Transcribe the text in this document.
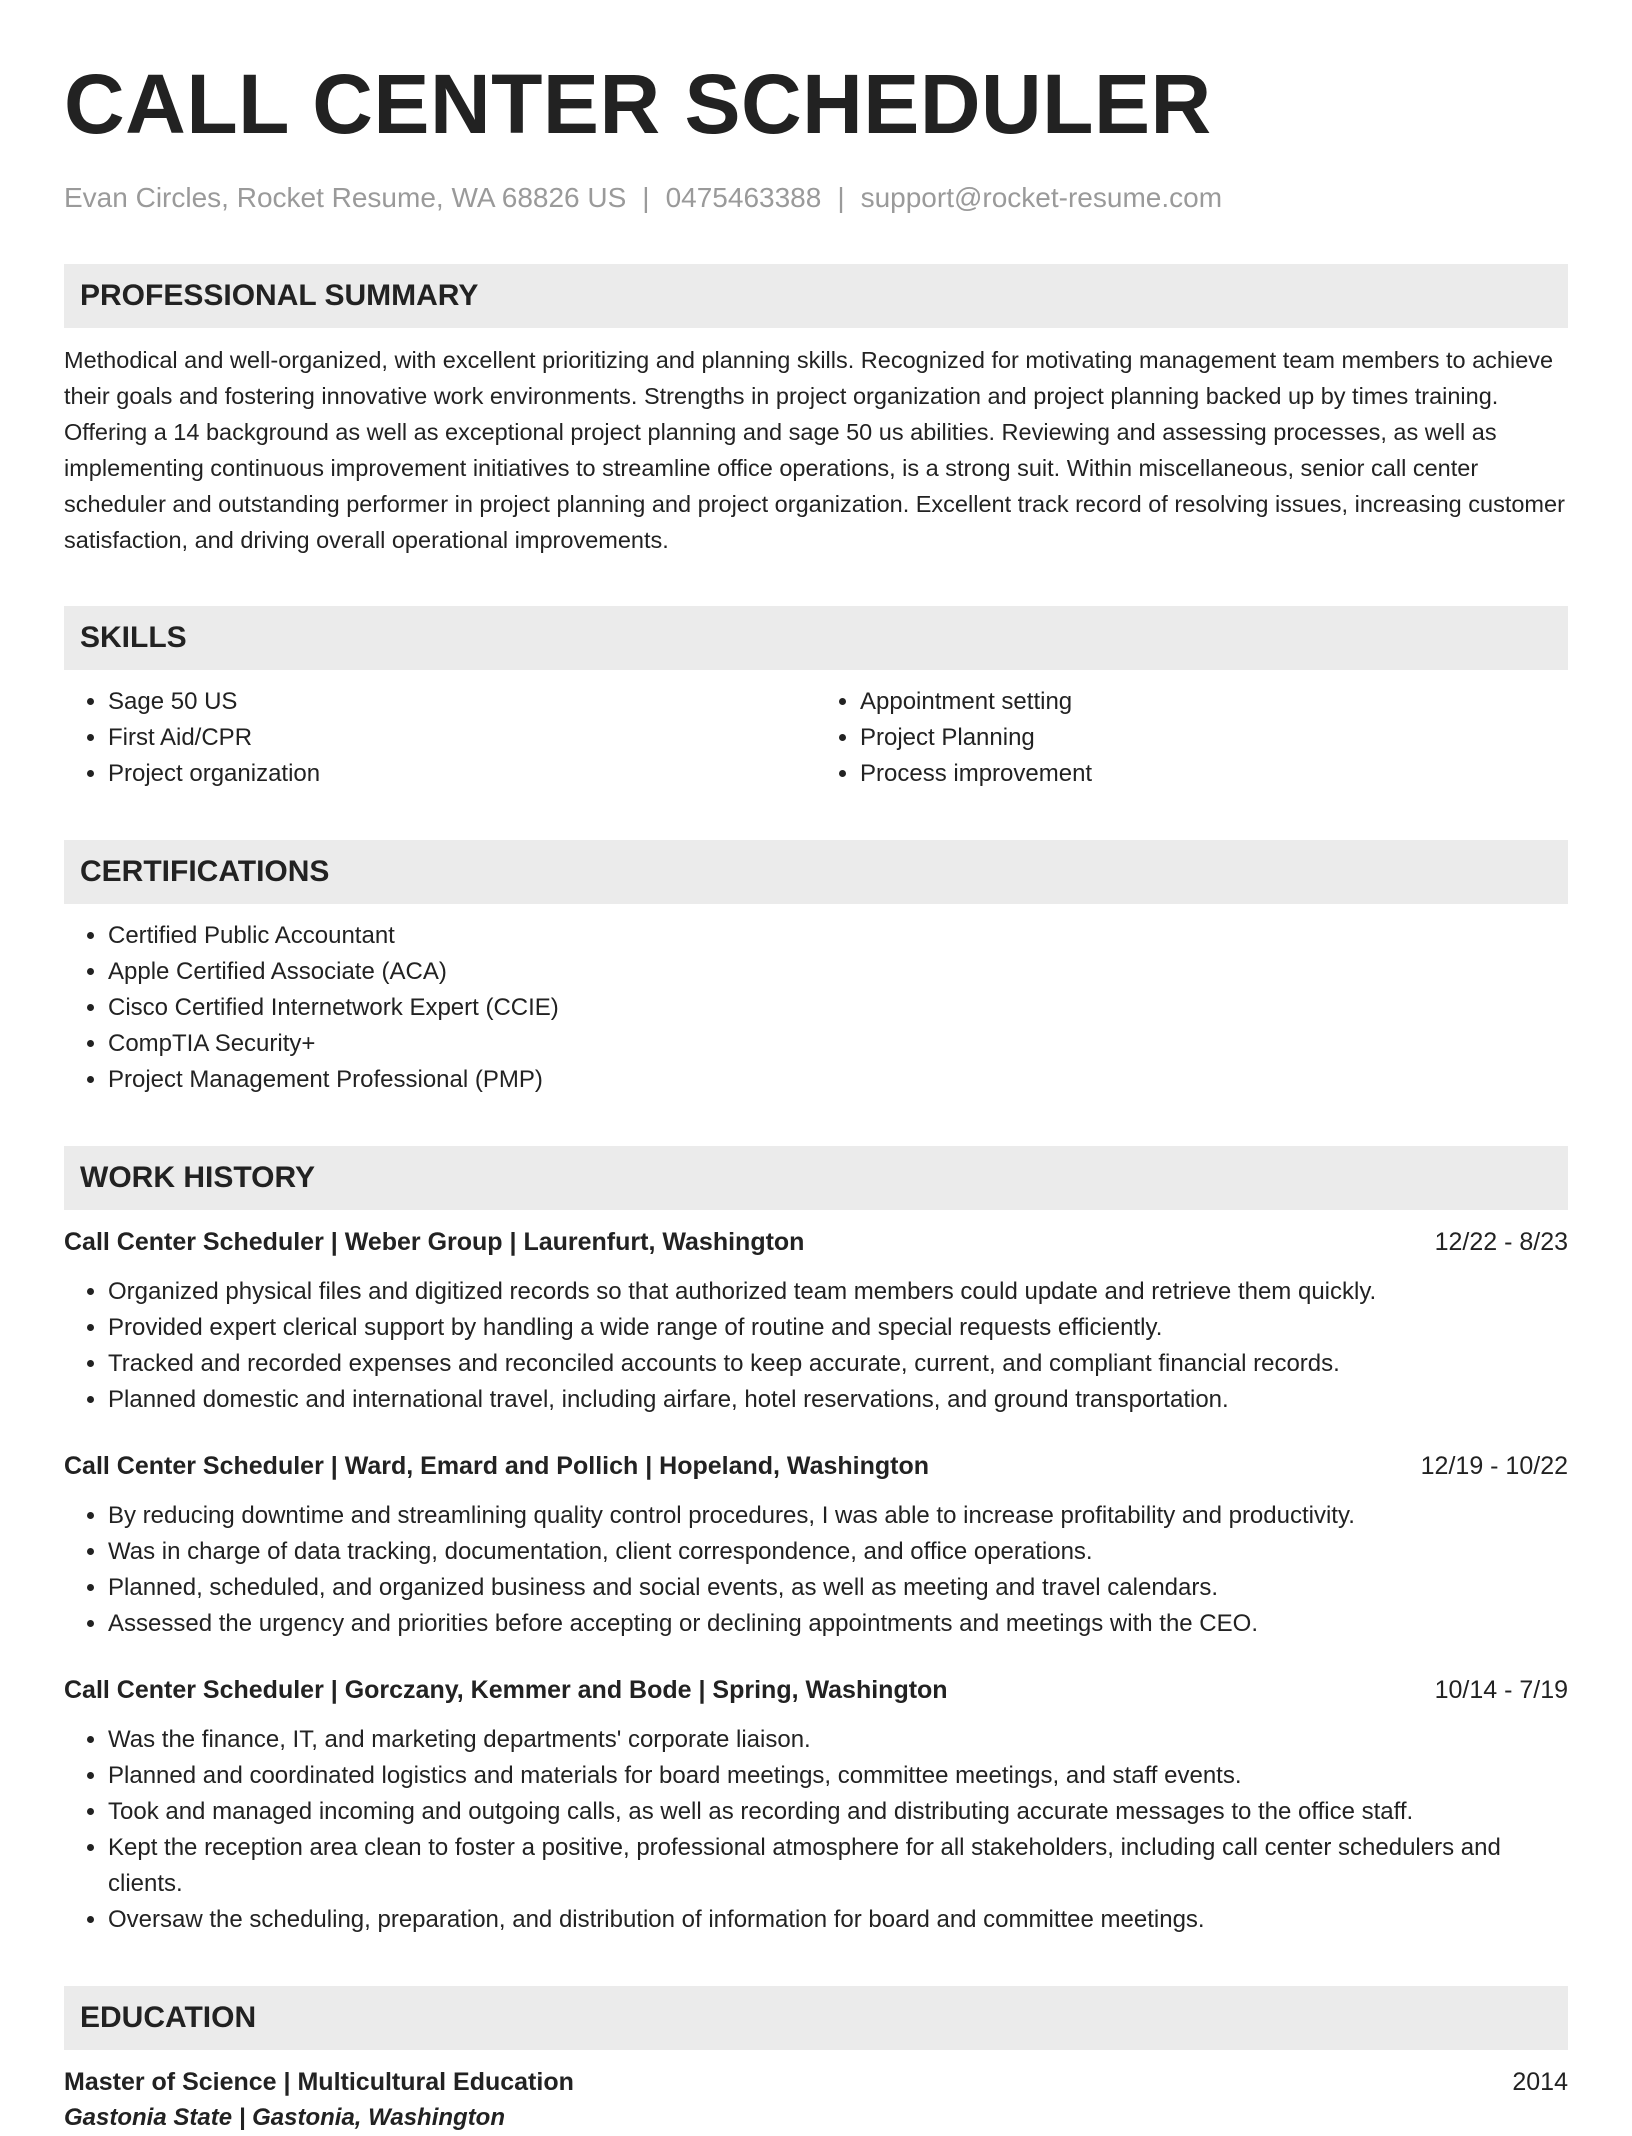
CALL CENTER SCHEDULER
Evan Circles, Rocket Resume, WA 68826 US | 0475463388 | support@rocket-resume.com
PROFESSIONAL SUMMARY
Methodical and well-organized, with excellent prioritizing and planning skills. Recognized for motivating management team members to achieve their goals and fostering innovative work environments. Strengths in project organization and project planning backed up by times training. Offering a 14 background as well as exceptional project planning and sage 50 us abilities. Reviewing and assessing processes, as well as implementing continuous improvement initiatives to streamline office operations, is a strong suit. Within miscellaneous, senior call center scheduler and outstanding performer in project planning and project organization. Excellent track record of resolving issues, increasing customer satisfaction, and driving overall operational improvements.
SKILLS
• Sage 50 US
• First Aid/CPR
• Project organization
• Appointment setting
• Project Planning
• Process improvement
CERTIFICATIONS
• Certified Public Accountant
• Apple Certified Associate (ACA)
• Cisco Certified Internetwork Expert (CCIE)
• CompTIA Security+
• Project Management Professional (PMP)
WORK HISTORY
Call Center Scheduler | Weber Group | Laurenfurt, Washington	12/22 - 8/23
• Organized physical files and digitized records so that authorized team members could update and retrieve them quickly.
• Provided expert clerical support by handling a wide range of routine and special requests efficiently.
• Tracked and recorded expenses and reconciled accounts to keep accurate, current, and compliant financial records.
• Planned domestic and international travel, including airfare, hotel reservations, and ground transportation.
Call Center Scheduler | Ward, Emard and Pollich | Hopeland, Washington	12/19 - 10/22
• By reducing downtime and streamlining quality control procedures, I was able to increase profitability and productivity.
• Was in charge of data tracking, documentation, client correspondence, and office operations.
• Planned, scheduled, and organized business and social events, as well as meeting and travel calendars.
• Assessed the urgency and priorities before accepting or declining appointments and meetings with the CEO.
Call Center Scheduler | Gorczany, Kemmer and Bode | Spring, Washington	10/14 - 7/19
• Was the finance, IT, and marketing departments' corporate liaison.
• Planned and coordinated logistics and materials for board meetings, committee meetings, and staff events.
• Took and managed incoming and outgoing calls, as well as recording and distributing accurate messages to the office staff.
• Kept the reception area clean to foster a positive, professional atmosphere for all stakeholders, including call center schedulers and clients.
• Oversaw the scheduling, preparation, and distribution of information for board and committee meetings.
EDUCATION
Master of Science | Multicultural Education	2014
Gastonia State | Gastonia, Washington
